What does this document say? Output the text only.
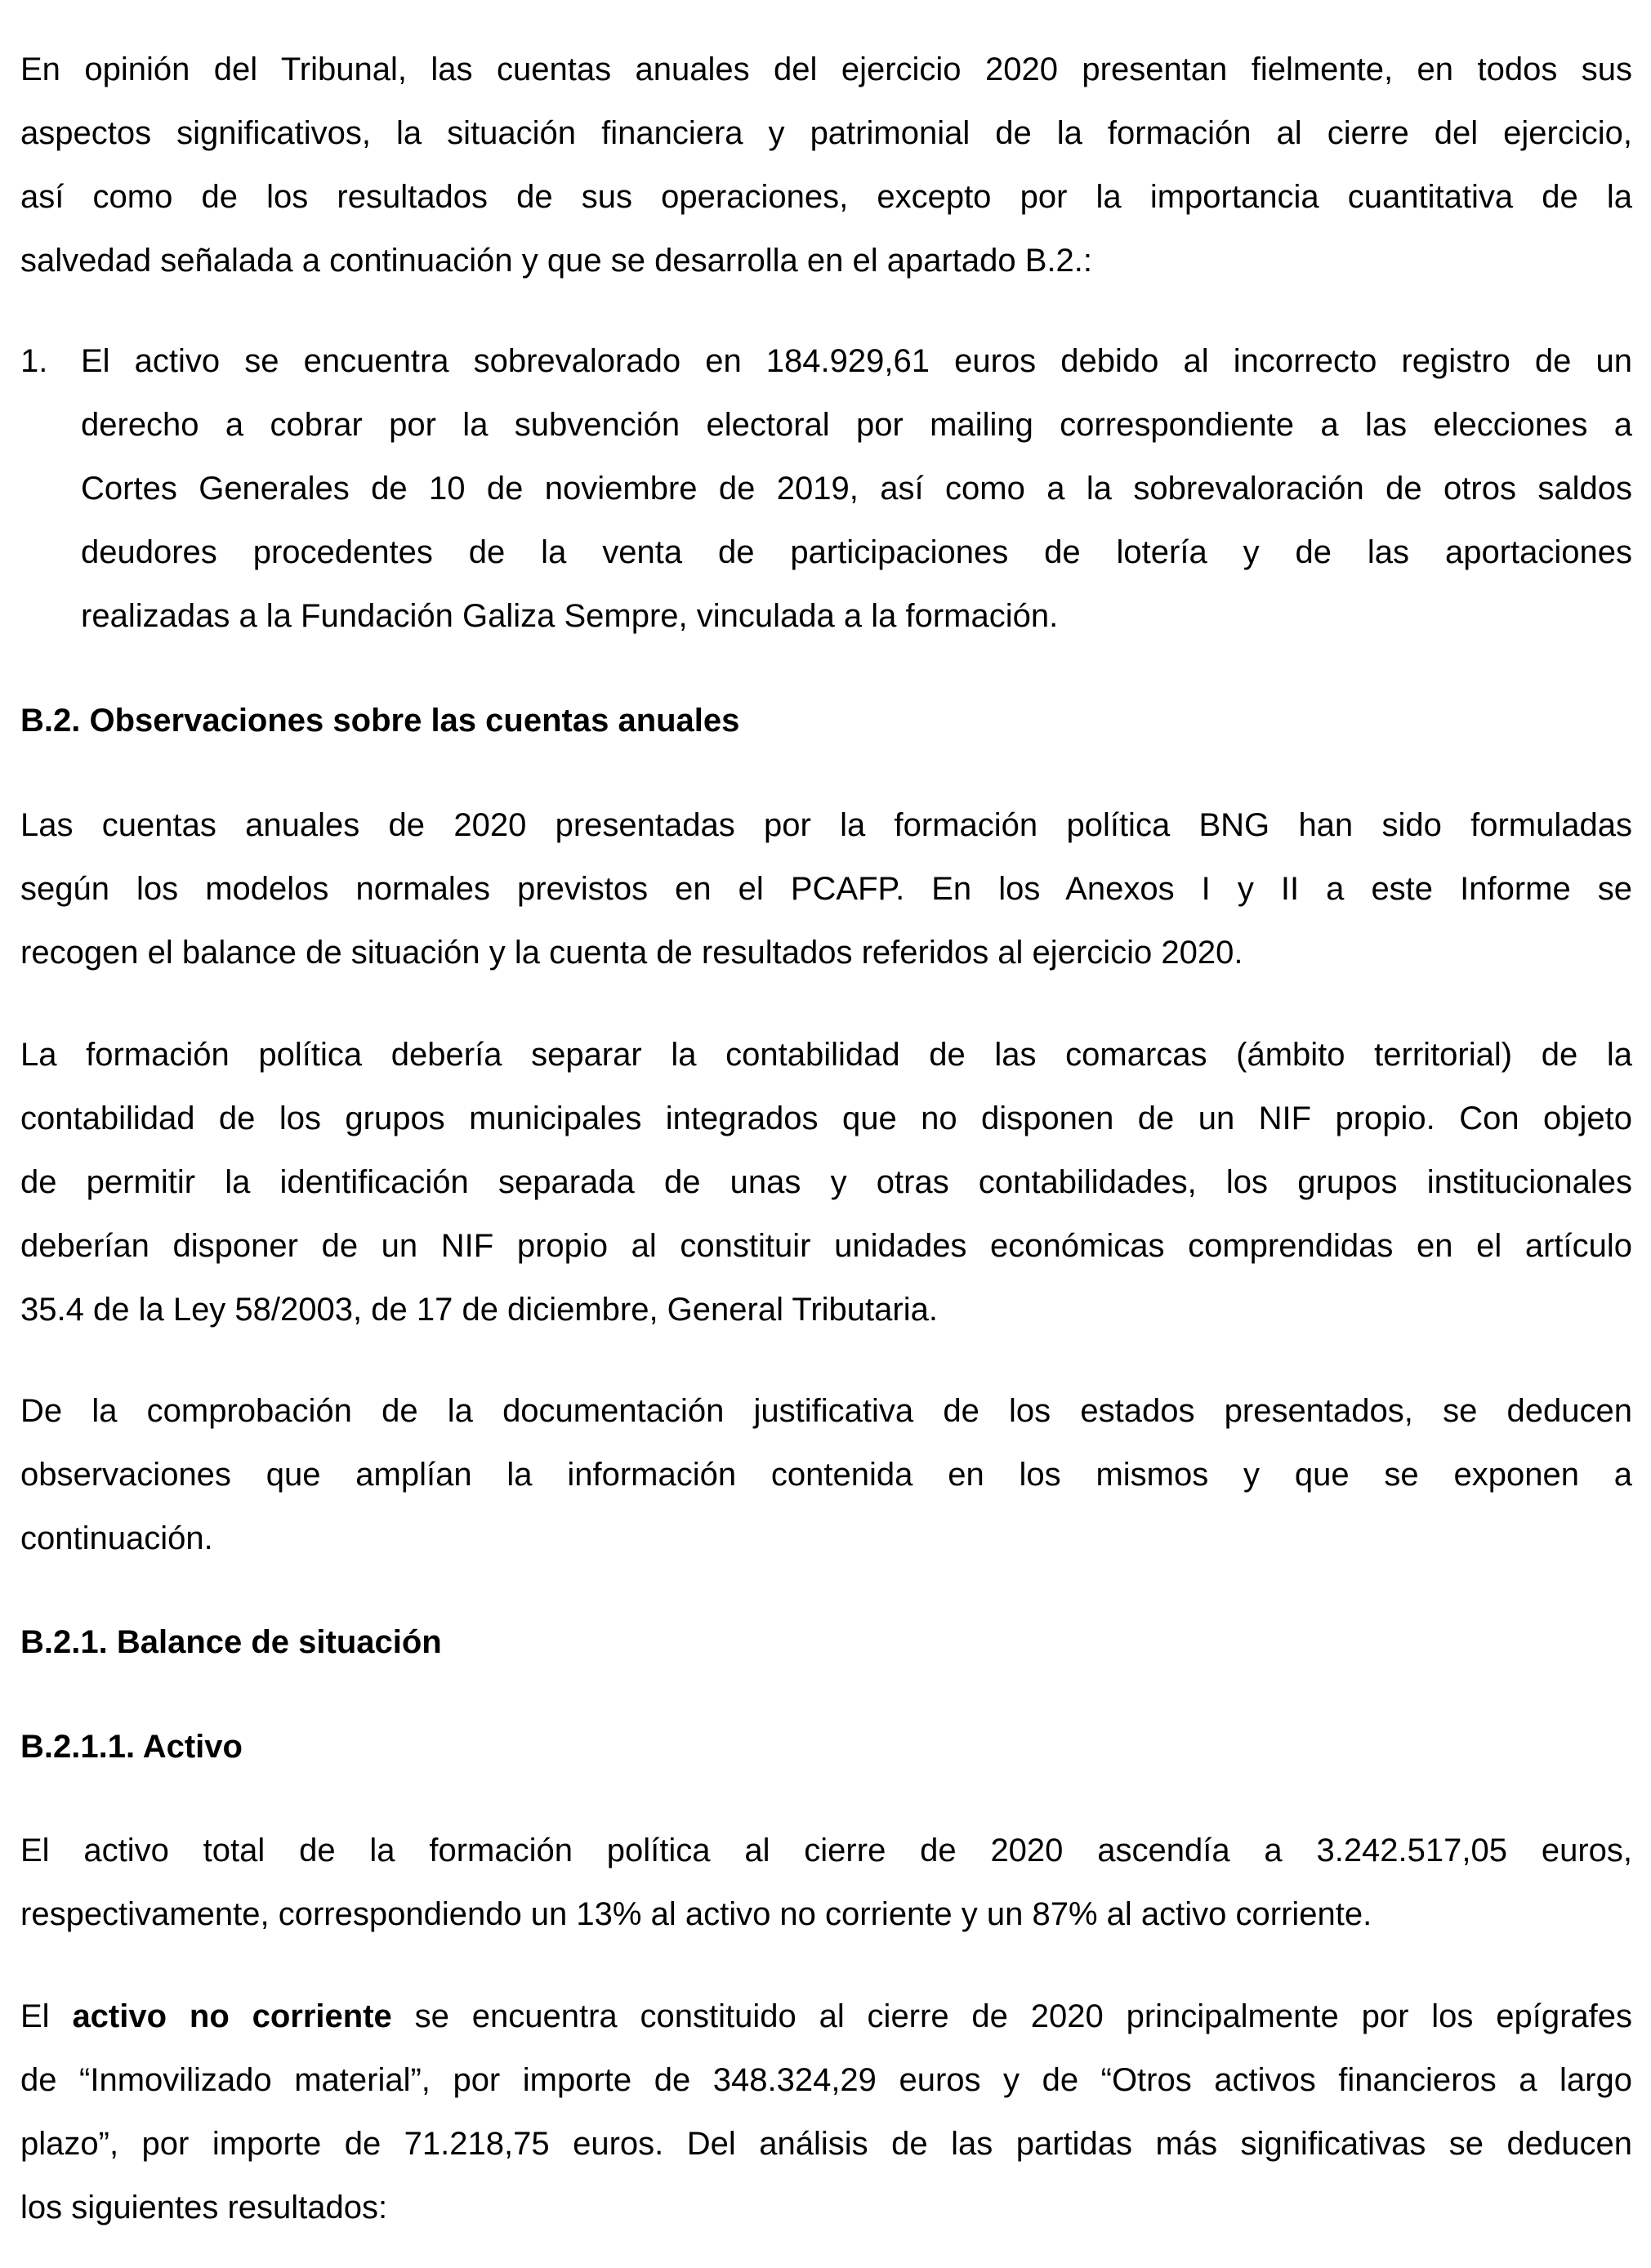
En opinión del Tribunal, las cuentas anuales del ejercicio 2020 presentan fielmente, en todos sus
aspectos significativos, la situación financiera y patrimonial de la formación al cierre del ejercicio,
así como de los resultados de sus operaciones, excepto por la importancia cuantitativa de la
salvedad señalada a continuación y que se desarrolla en el apartado B.2.:
1. El activo se encuentra sobrevalorado en 184.929,61 euros debido al incorrecto registro de un
derecho a cobrar por la subvención electoral por mailing correspondiente a las elecciones a
Cortes Generales de 10 de noviembre de 2019, así como a la sobrevaloración de otros saldos
deudores procedentes de la venta de participaciones de lotería y de las aportaciones
realizadas a la Fundación Galiza Sempre, vinculada a la formación.
B.2. Observaciones sobre las cuentas anuales
Las cuentas anuales de 2020 presentadas por la formación política BNG han sido formuladas
según los modelos normales previstos en el PCAFP. En los Anexos I y II a este Informe se
recogen el balance de situación y la cuenta de resultados referidos al ejercicio 2020.
La formación política debería separar la contabilidad de las comarcas (ámbito territorial) de la
contabilidad de los grupos municipales integrados que no disponen de un NIF propio. Con objeto
de permitir la identificación separada de unas y otras contabilidades, los grupos institucionales
deberían disponer de un NIF propio al constituir unidades económicas comprendidas en el artículo
35.4 de la Ley 58/2003, de 17 de diciembre, General Tributaria.
De la comprobación de la documentación justificativa de los estados presentados, se deducen
observaciones que amplían la información contenida en los mismos y que se exponen a
continuación.
B.2.1. Balance de situación
B.2.1.1. Activo
El activo total de la formación política al cierre de 2020 ascendía a 3.242.517,05 euros,
respectivamente, correspondiendo un 13% al activo no corriente y un 87% al activo corriente.
El activo no corriente se encuentra constituido al cierre de 2020 principalmente por los epígrafes
de “Inmovilizado material”, por importe de 348.324,29 euros y de “Otros activos financieros a largo
plazo”, por importe de 71.218,75 euros. Del análisis de las partidas más significativas se deducen
los siguientes resultados:
